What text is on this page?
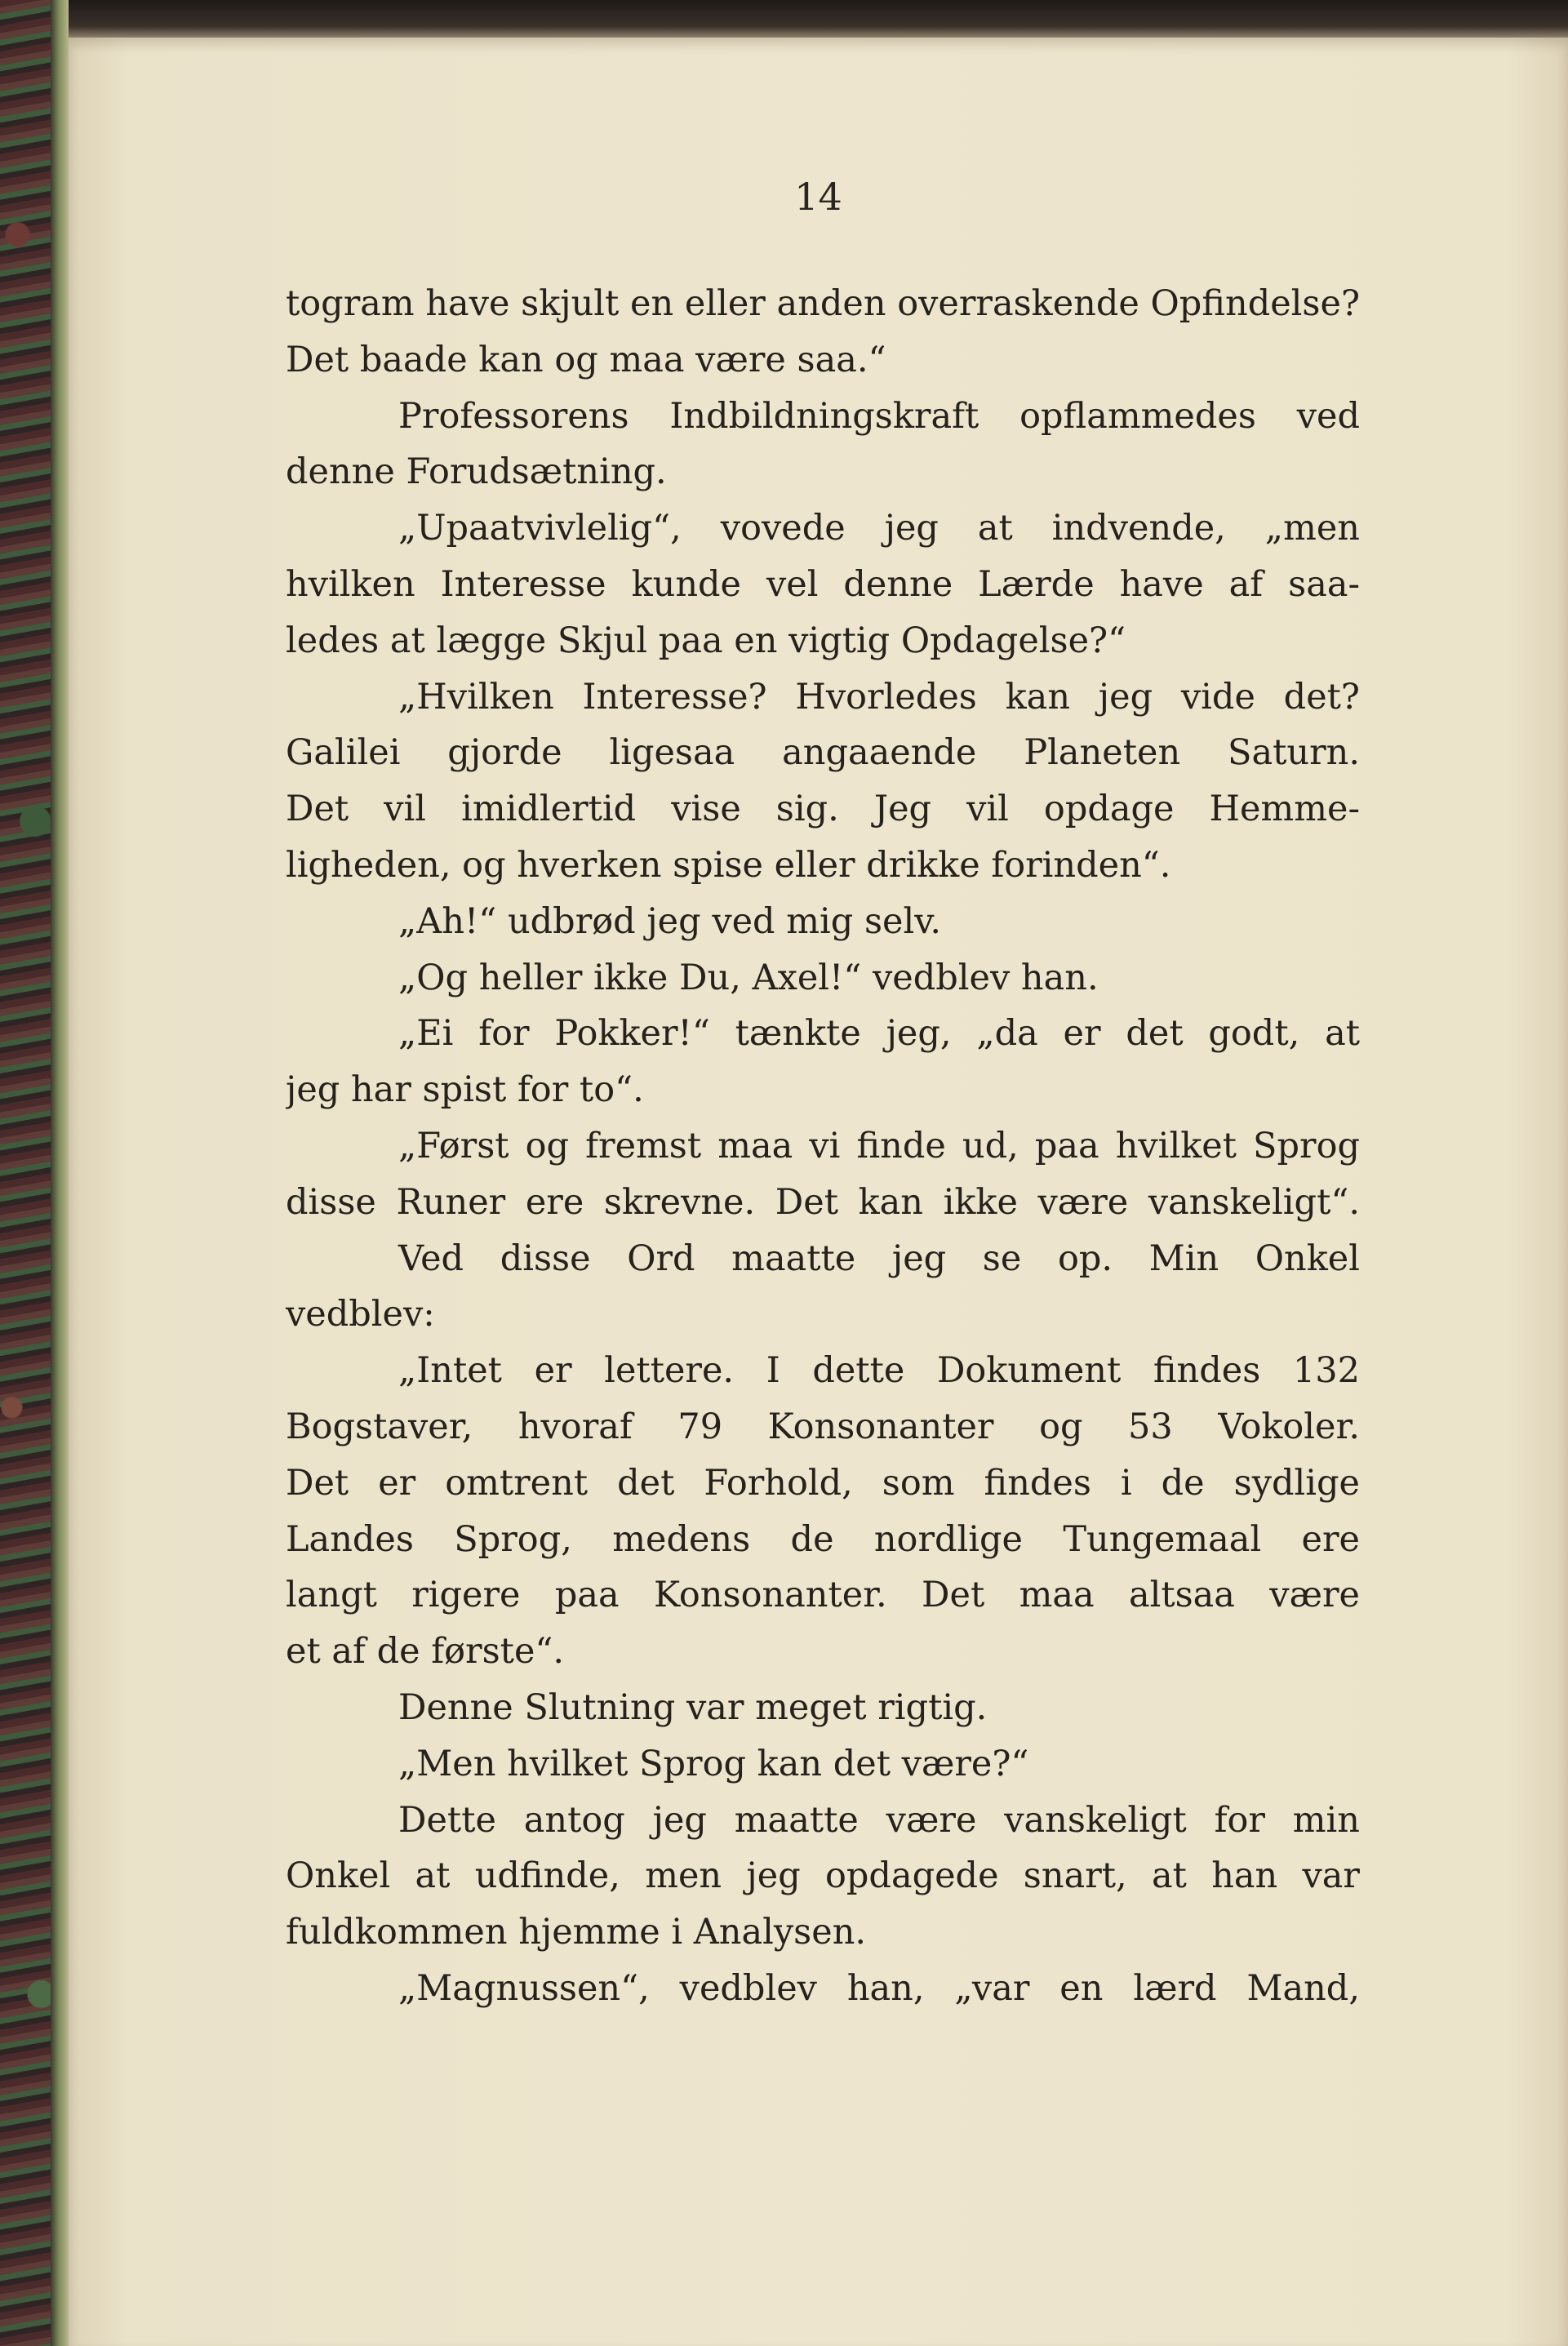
14

togram have skjult en eller anden overraskende Opfindelse?

Det baade kan og maa være saa.“

Professorens Indbildningskraft opflammedes ved

denne Forudsætning.

„Upaatvivlelig“, vovede jeg at indvende, „men

hvilken Interesse kunde vel denne Lærde have af saa-

ledes at lægge Skjul paa en vigtig Opdagelse?“

„Hvilken Interesse? Hvorledes kan jeg vide det?

Galilei gjorde ligesaa angaaende Planeten Saturn.

Det vil imidlertid vise sig. Jeg vil opdage Hemme-

ligheden, og hverken spise eller drikke forinden“.

„Ah!“ udbrød jeg ved mig selv.

„Og heller ikke Du, Axel!“ vedblev han.

„Ei for Pokker!“ tænkte jeg, „da er det godt, at

jeg har spist for to“.

„Først og fremst maa vi finde ud, paa hvilket Sprog

disse Runer ere skrevne. Det kan ikke være vanskeligt“.

Ved disse Ord maatte jeg se op. Min Onkel

vedblev:

„Intet er lettere. I dette Dokument findes 132

Bogstaver, hvoraf 79 Konsonanter og 53 Vokoler.

Det er omtrent det Forhold, som findes i de sydlige

Landes Sprog, medens de nordlige Tungemaal ere

langt rigere paa Konsonanter. Det maa altsaa være

et af de første“.

Denne Slutning var meget rigtig.

„Men hvilket Sprog kan det være?“

Dette antog jeg maatte være vanskeligt for min

Onkel at udfinde, men jeg opdagede snart, at han var

fuldkommen hjemme i Analysen.

„Magnussen“, vedblev han, „var en lærd Mand,
